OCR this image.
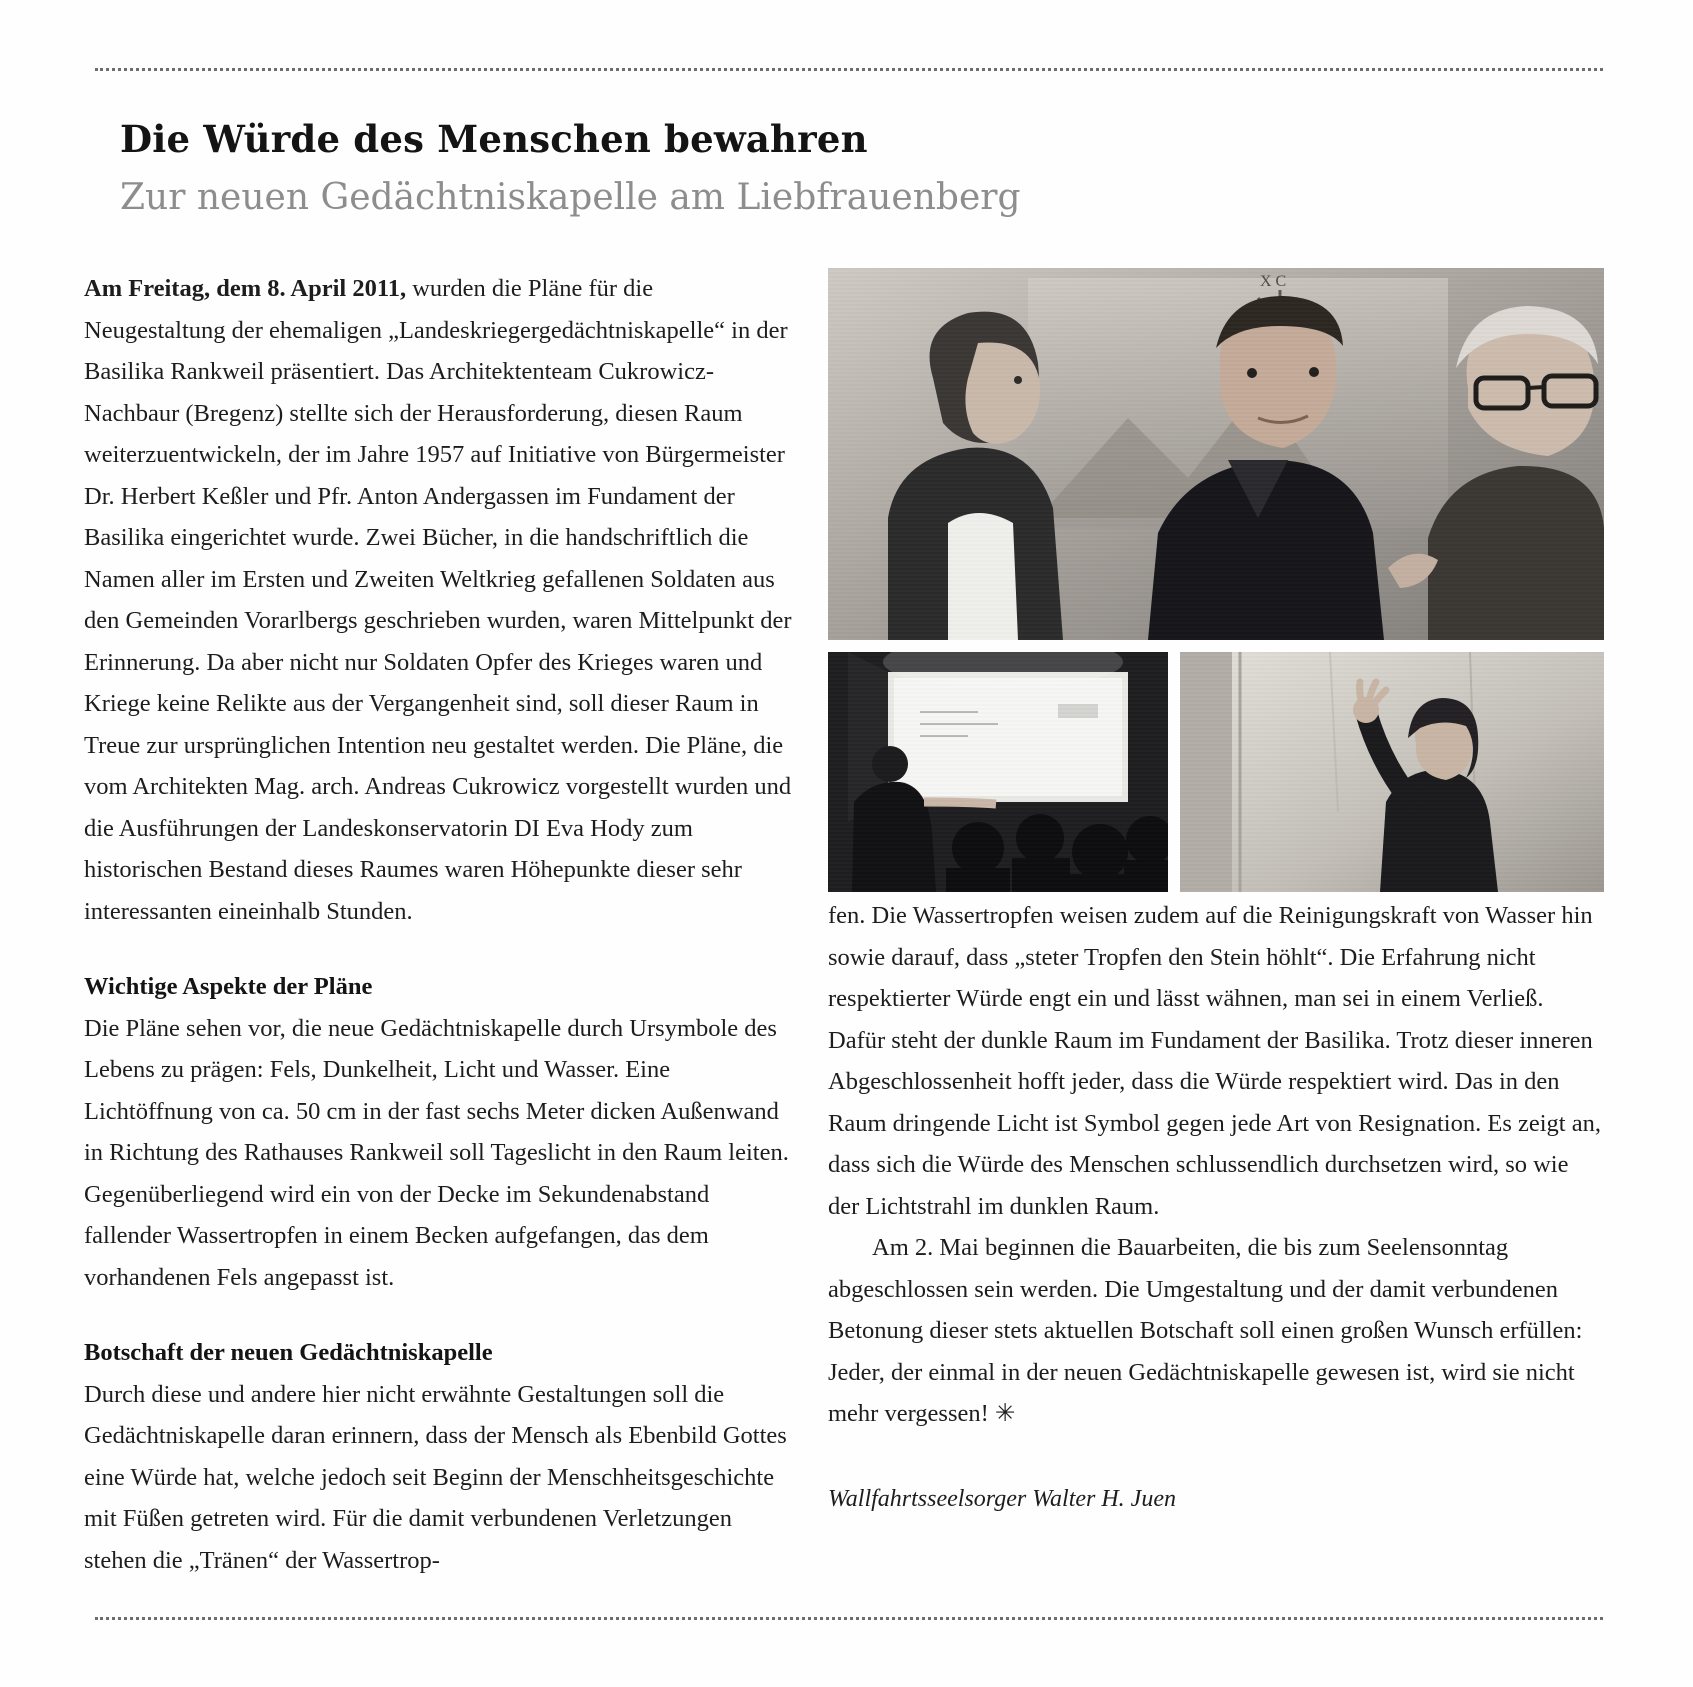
Die Würde des Menschen bewahren
Zur neuen Gedächtniskapelle am Liebfrauenberg

Am Freitag, dem 8. April 2011, wurden die Pläne für die Neugestaltung der ehemaligen „Landeskriegergedächtniskapelle“ in der Basilika Rankweil präsentiert. Das Architektenteam Cukrowicz-Nachbaur (Bregenz) stellte sich der Herausforderung, diesen Raum weiterzuentwickeln, der im Jahre 1957 auf Initiative von Bürgermeister Dr. Herbert Keßler und Pfr. Anton Andergassen im Fundament der Basilika eingerichtet wurde. Zwei Bücher, in die handschriftlich die Namen aller im Ersten und Zweiten Weltkrieg gefallenen Soldaten aus den Gemeinden Vorarlbergs geschrieben wurden, waren Mittelpunkt der Erinnerung. Da aber nicht nur Soldaten Opfer des Krieges waren und Kriege keine Relikte aus der Vergangenheit sind, soll dieser Raum in Treue zur ursprünglichen Intention neu gestaltet werden. Die Pläne, die vom Architekten Mag. arch. Andreas Cukrowicz vorgestellt wurden und die Ausführungen der Landeskonservatorin DI Eva Hody zum historischen Bestand dieses Raumes waren Höhepunkte dieser sehr interessanten eineinhalb Stunden.

Wichtige Aspekte der Pläne

Die Pläne sehen vor, die neue Gedächtniskapelle durch Ursymbole des Lebens zu prägen: Fels, Dunkelheit, Licht und Wasser. Eine Lichtöffnung von ca. 50 cm in der fast sechs Meter dicken Außenwand in Richtung des Rathauses Rankweil soll Tageslicht in den Raum leiten. Gegenüberliegend wird ein von der Decke im Sekundenabstand fallender Wassertropfen in einem Becken aufgefangen, das dem vorhandenen Fels angepasst ist.

Botschaft der neuen Gedächtniskapelle

Durch diese und andere hier nicht erwähnte Gestaltungen soll die Gedächtniskapelle daran erinnern, dass der Mensch als Ebenbild Gottes eine Würde hat, welche jedoch seit Beginn der Menschheitsgeschichte mit Füßen getreten wird. Für die damit verbundenen Verletzungen stehen die „Tränen“ der Wassertrop-

X C

fen. Die Wassertropfen weisen zudem auf die Reinigungskraft von Wasser hin sowie darauf, dass „steter Tropfen den Stein höhlt“. Die Erfahrung nicht respektierter Würde engt ein und lässt wähnen, man sei in einem Verließ. Dafür steht der dunkle Raum im Fundament der Basilika. Trotz dieser inneren Abgeschlossenheit hofft jeder, dass die Würde respektiert wird. Das in den Raum dringende Licht ist Symbol gegen jede Art von Resignation. Es zeigt an, dass sich die Würde des Menschen schlussendlich durchsetzen wird, so wie der Lichtstrahl im dunklen Raum.

Am 2. Mai beginnen die Bauarbeiten, die bis zum Seelensonntag abgeschlossen sein werden. Die Umgestaltung und der damit verbundenen Betonung dieser stets aktuellen Botschaft soll einen großen Wunsch erfüllen: Jeder, der einmal in der neuen Gedächtniskapelle gewesen ist, wird sie nicht mehr vergessen! ✳

Wallfahrtsseelsorger Walter H. Juen
